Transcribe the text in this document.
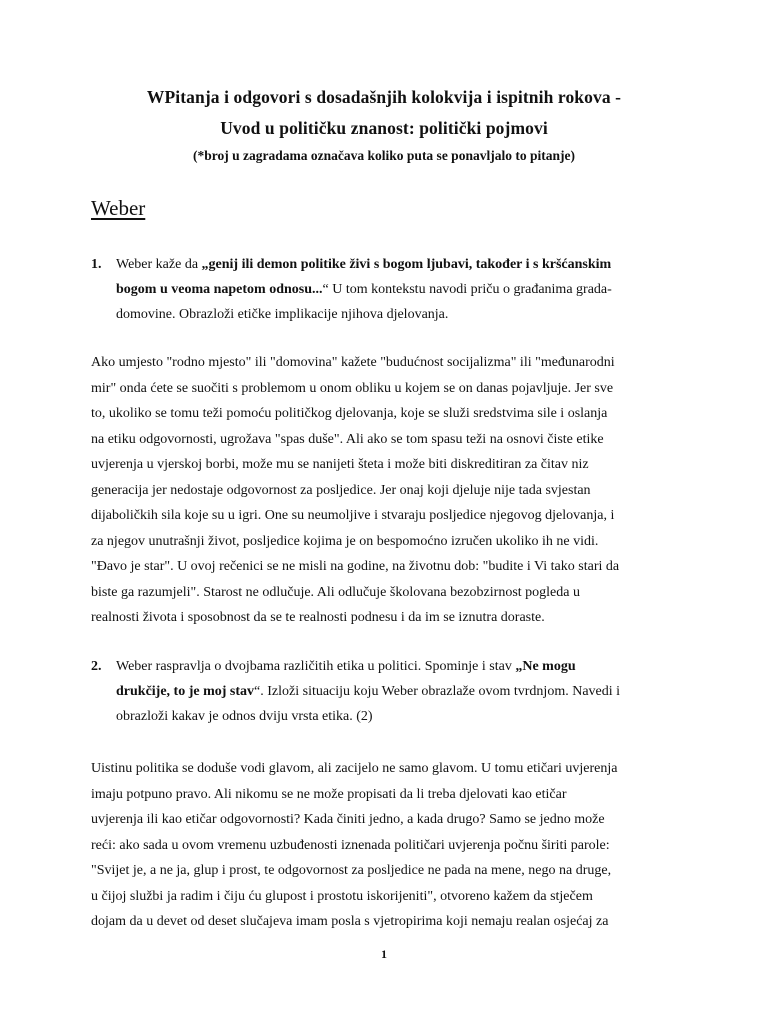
WPitanja i odgovori s dosadašnjih kolokvija i ispitnih rokova -
Uvod u političku znanost: politički pojmovi
(*broj u zagradama označava koliko puta se ponavljalo to pitanje)
Weber
1. Weber kaže da „genij ili demon politike živi s bogom ljubavi, također i s kršćanskim
bogom u veoma napetom odnosu...“ U tom kontekstu navodi priču o građanima grada-
domovine. Obrazloži etičke implikacije njihova djelovanja.
Ako umjesto "rodno mjesto" ili "domovina" kažete "budućnost socijalizma" ili "međunarodni
mir" onda ćete se suočiti s problemom u onom obliku u kojem se on danas pojavljuje. Jer sve
to, ukoliko se tomu teži pomoću političkog djelovanja, koje se služi sredstvima sile i oslanja
na etiku odgovornosti, ugrožava "spas duše". Ali ako se tom spasu teži na osnovi čiste etike
uvjerenja u vjerskoj borbi, može mu se nanijeti šteta i može biti diskreditiran za čitav niz
generacija jer nedostaje odgovornost za posljedice. Jer onaj koji djeluje nije tada svjestan
dijaboličkih sila koje su u igri. One su neumoljive i stvaraju posljedice njegovog djelovanja, i
za njegov unutrašnji život, posljedice kojima je on bespomoćno izručen ukoliko ih ne vidi.
"Đavo je star". U ovoj rečenici se ne misli na godine, na životnu dob: "budite i Vi tako stari da
biste ga razumjeli". Starost ne odlučuje. Ali odlučuje školovana bezobzirnost pogleda u
realnosti života i sposobnost da se te realnosti podnesu i da im se iznutra doraste.
2. Weber raspravlja o dvojbama različitih etika u politici. Spominje i stav „Ne mogu
drukčije, to je moj stav“. Izloži situaciju koju Weber obrazlaže ovom tvrdnjom. Navedi i
obrazloži kakav je odnos dviju vrsta etika. (2)
Uistinu politika se doduše vodi glavom, ali zacijelo ne samo glavom. U tomu etičari uvjerenja
imaju potpuno pravo. Ali nikomu se ne može propisati da li treba djelovati kao etičar
uvjerenja ili kao etičar odgovornosti? Kada činiti jedno, a kada drugo? Samo se jedno može
reći: ako sada u ovom vremenu uzbuđenosti iznenada političari uvjerenja počnu širiti parole:
"Svijet je, a ne ja, glup i prost, te odgovornost za posljedice ne pada na mene, nego na druge,
u čijoj službi ja radim i čiju ću glupost i prostotu iskorijeniti", otvoreno kažem da stječem
dojam da u devet od deset slučajeva imam posla s vjetropirima koji nemaju realan osjećaj za
1
